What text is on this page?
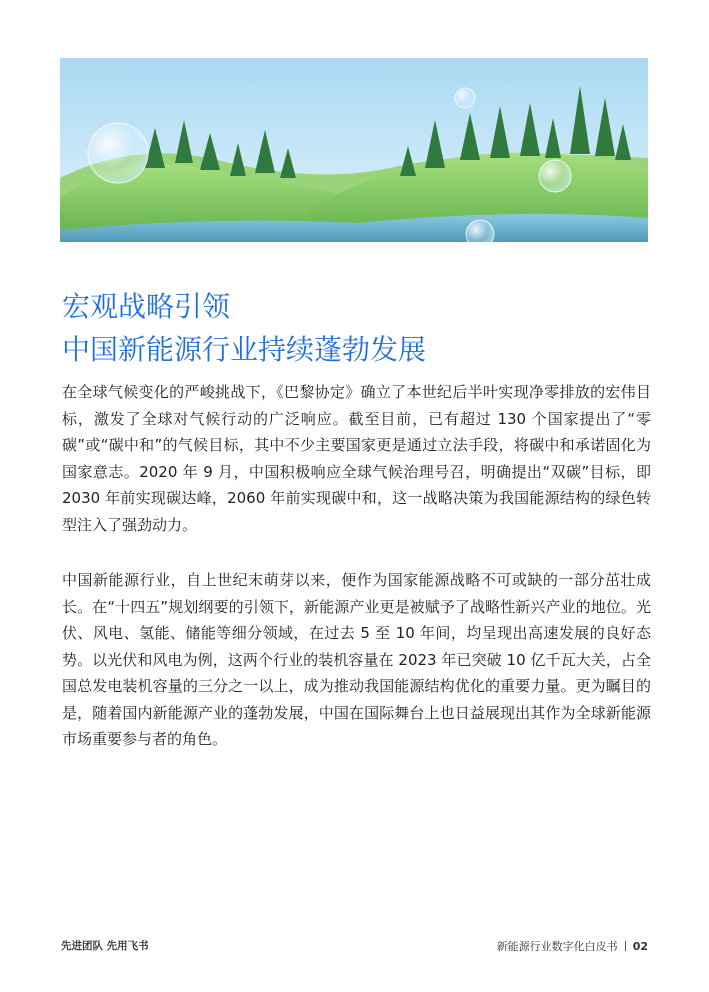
宏观战略引领
中国新能源行业持续蓬勃发展

在全球气候变化的严峻挑战下，《巴黎协定》确立了本世纪后半叶实现净零排放的宏伟目标，激发了全球对气候行动的广泛响应。截至目前，已有超过 130 个国家提出了“零碳”或“碳中和”的气候目标，其中不少主要国家更是通过立法手段，将碳中和承诺固化为国家意志。2020 年 9 月，中国积极响应全球气候治理号召，明确提出“双碳”目标，即 2030 年前实现碳达峰，2060 年前实现碳中和，这一战略决策为我国能源结构的绿色转型注入了强劲动力。

中国新能源行业，自上世纪末萌芽以来，便作为国家能源战略不可或缺的一部分茁壮成长。在“十四五”规划纲要的引领下，新能源产业更是被赋予了战略性新兴产业的地位。光伏、风电、氢能、储能等细分领域，在过去 5 至 10 年间，均呈现出高速发展的良好态势。以光伏和风电为例，这两个行业的装机容量在 2023 年已突破 10 亿千瓦大关，占全国总发电装机容量的三分之一以上，成为推动我国能源结构优化的重要力量。更为瞩目的是，随着国内新能源产业的蓬勃发展，中国在国际舞台上也日益展现出其作为全球新能源市场重要参与者的角色。

先进团队 先用飞书	新能源行业数字化白皮书 02
